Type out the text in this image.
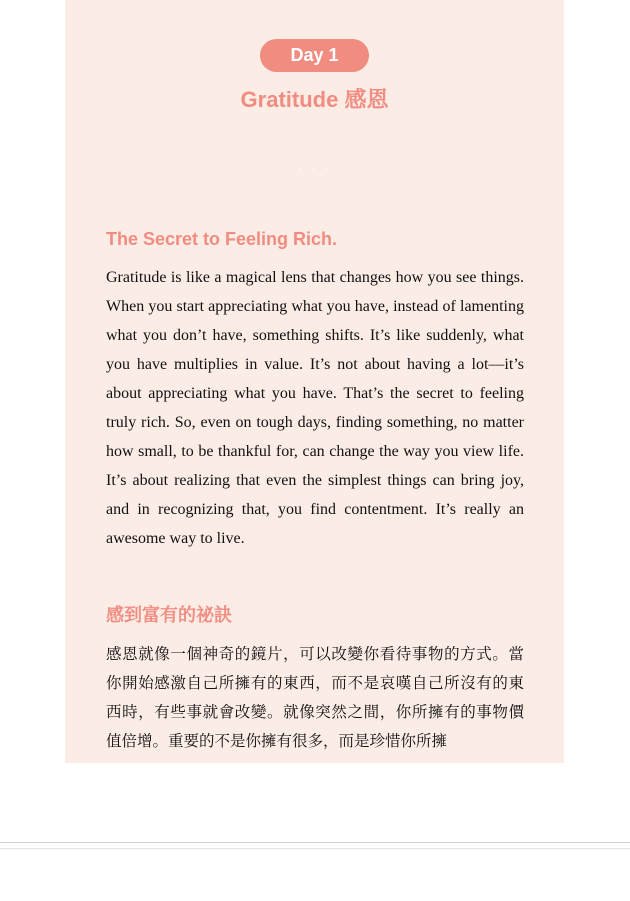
Day 1
Gratitude 感恩
· · ·
The Secret to Feeling Rich.

Gratitude is like a magical lens that changes how you see things. When you start appreciating what you have, instead of lamenting what you don’t have, something shifts. It’s like suddenly, what you have multiplies in value. It’s not about having a lot—it’s about appreciating what you have. That’s the secret to feeling truly rich. So, even on tough days, finding something, no matter how small, to be thankful for, can change the way you view life. It’s about realizing that even the simplest things can bring joy, and in recognizing that, you find contentment. It’s really an awesome way to live.

感到富有的祕訣

感恩就像一個神奇的鏡片，可以改變你看待事物的方式。當你開始感激自己所擁有的東西，而不是哀嘆自己所沒有的東西時，有些事就會改變。就像突然之間，你所擁有的事物價值倍增。重要的不是你擁有很多，而是珍惜你所擁
